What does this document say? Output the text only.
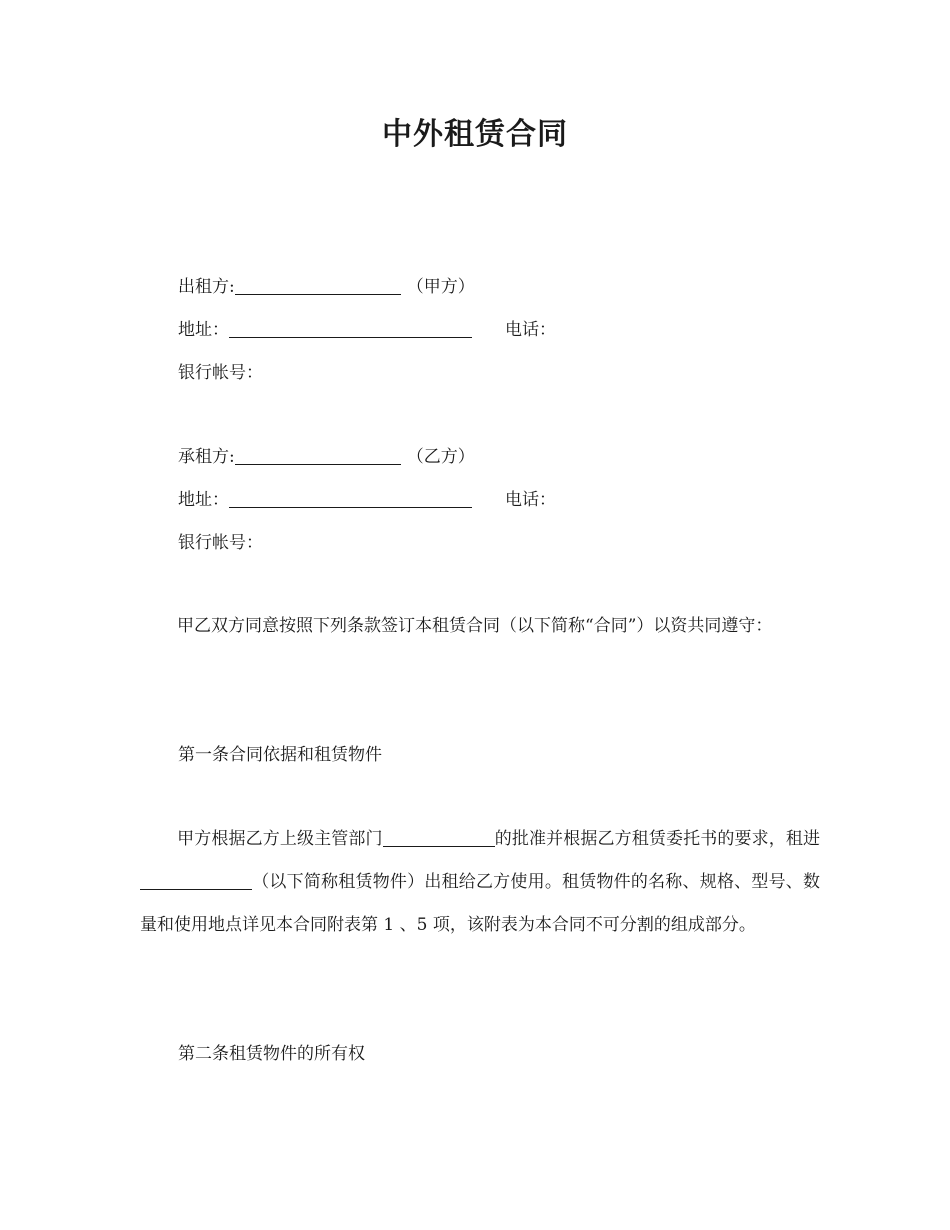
中外租赁合同
出租方:	（甲方）
地址：	电话：
银行帐号：
承租方:	（乙方）
地址：	电话：
银行帐号：
甲乙双方同意按照下列条款签订本租赁合同（以下简称“合同”）以资共同遵守：
第一条合同依据和租赁物件
甲方根据乙方上级主管部门	的批准并根据乙方租赁委托书的要求，租进（以下简称租赁物件）出租给乙方使用。租赁物件的名称、规格、型号、数量和使用地点详见本合同附表第 1 、5 项，该附表为本合同不可分割的组成部分。
第二条租赁物件的所有权
